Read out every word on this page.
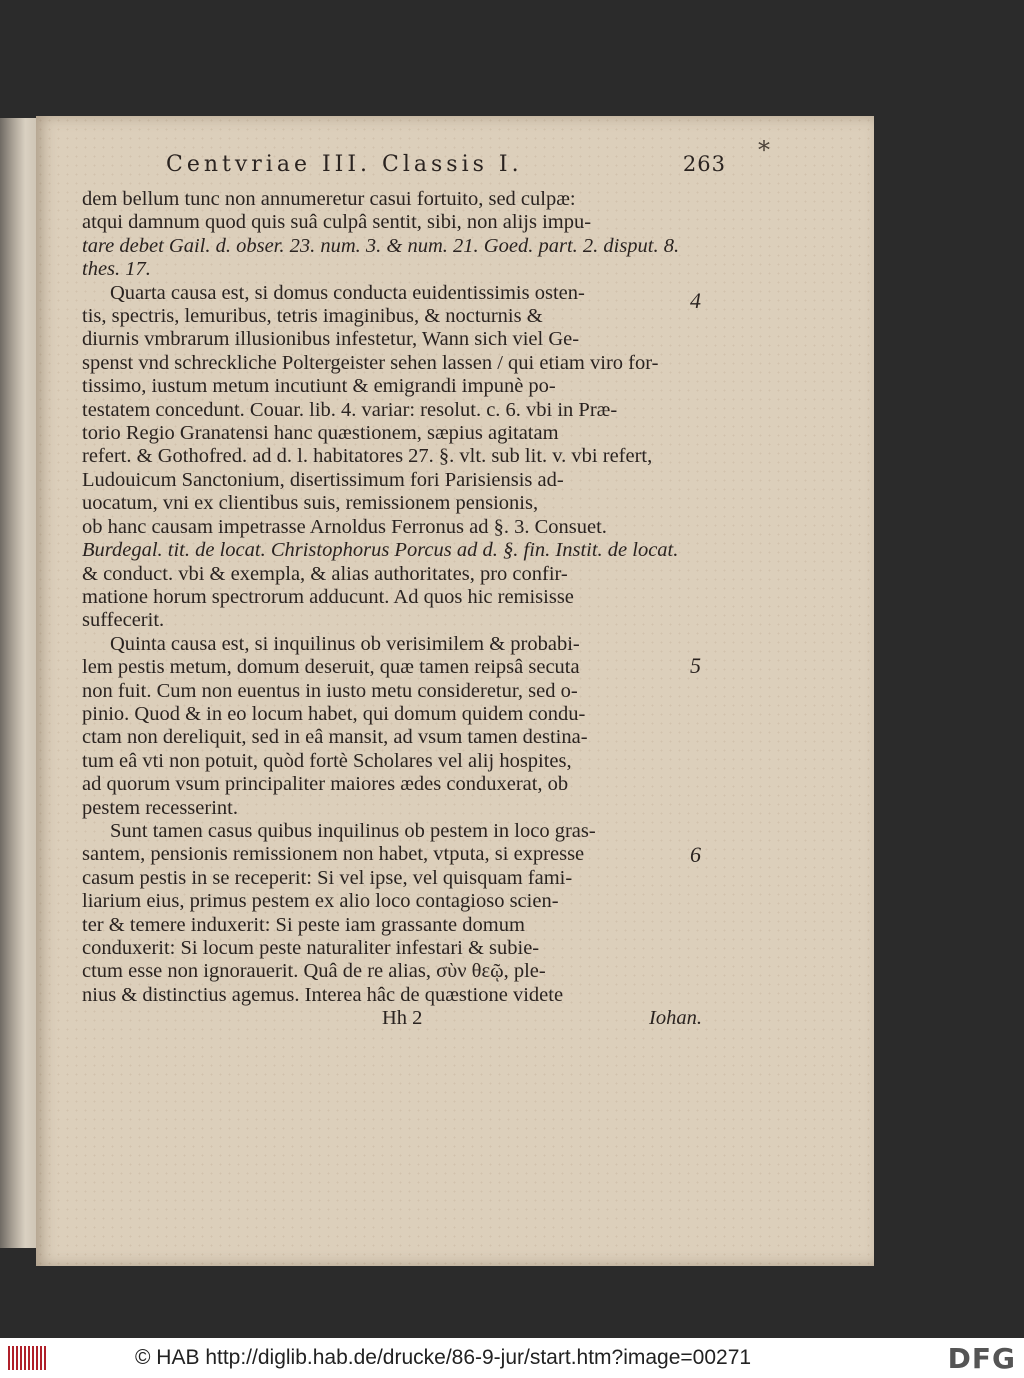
Centvriae III. Classis I.	263 *
dem bellum tunc non annumeretur casui fortuito, sed culpæ:
atqui damnum quod quis suâ culpâ sentit, sibi, non alijs impu-
tare debet Gail. d. obser. 23. num. 3. & num. 21. Goed. part. 2. disput. 8.
thes. 17.
Quarta causa est, si domus conducta euidentissimis osten-
tis, spectris, lemuribus, tetris imaginibus, & nocturnis &
diurnis vmbrarum illusionibus infestetur, Wann sich viel Ge-
spenst vnd schreckliche Poltergeister sehen lassen / qui etiam viro for-
tissimo, iustum metum incutiunt & emigrandi impunè po-
testatem concedunt. Couar. lib. 4. variar: resolut. c. 6. vbi in Præ-
torio Regio Granatensi hanc quæstionem, sæpius agitatam
refert. & Gothofred. ad d. l. habitatores 27. §. vlt. sub lit. v. vbi refert,
Ludouicum Sanctonium, disertissimum fori Parisiensis ad-
uocatum, vni ex clientibus suis, remissionem pensionis,
ob hanc causam impetrasse Arnoldus Ferronus ad §. 3. Consuet.
Burdegal. tit. de locat. Christophorus Porcus ad d. §. fin. Instit. de locat.
& conduct. vbi & exempla, & alias authoritates, pro confir-
matione horum spectrorum adducunt. Ad quos hic remisisse
suffecerit.
Quinta causa est, si inquilinus ob verisimilem & probabi-
lem pestis metum, domum deseruit, quæ tamen reipsâ secuta
non fuit. Cum non euentus in iusto metu consideretur, sed o-
pinio. Quod & in eo locum habet, qui domum quidem condu-
ctam non dereliquit, sed in eâ mansit, ad vsum tamen destina-
tum eâ vti non potuit, quòd fortè Scholares vel alij hospites,
ad quorum vsum principaliter maiores ædes conduxerat, ob
pestem recesserint.
Sunt tamen casus quibus inquilinus ob pestem in loco gras-
santem, pensionis remissionem non habet, vtputa, si expresse
casum pestis in se receperit: Si vel ipse, vel quisquam fami-
liarium eius, primus pestem ex alio loco contagioso scien-
ter & temere induxerit: Si peste iam grassante domum
conduxerit: Si locum peste naturaliter infestari & subie-
ctum esse non ignorauerit. Quâ de re alias, σὺν θεῷ, ple-
nius & distinctius agemus. Interea hâc de quæstione videte
Hh 2	Iohan.
4
5
6
© HAB http://diglib.hab.de/drucke/86-9-jur/start.htm?image=00271	DFG
